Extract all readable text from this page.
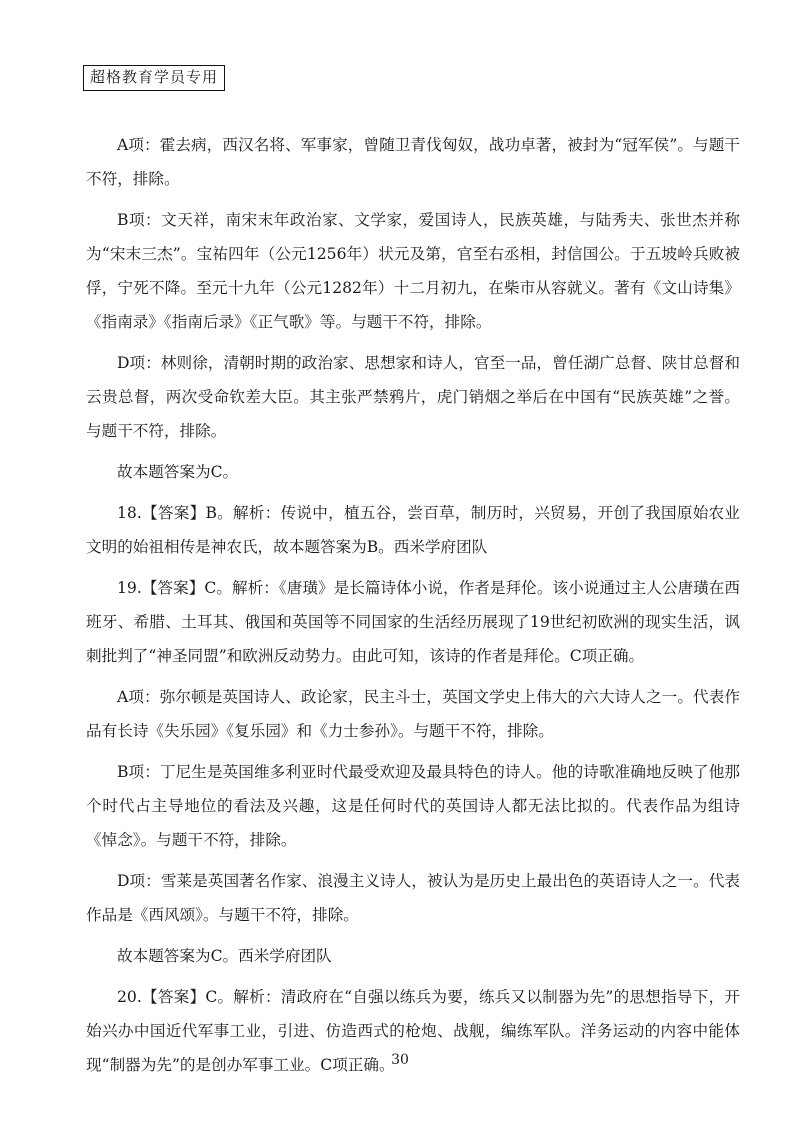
超格教育学员专用

A项：霍去病，西汉名将、军事家，曾随卫青伐匈奴，战功卓著，被封为“冠军侯”。与题干不符，排除。

B项：文天祥，南宋末年政治家、文学家，爱国诗人，民族英雄，与陆秀夫、张世杰并称为“宋末三杰”。宝祐四年（公元1256年）状元及第，官至右丞相，封信国公。于五坡岭兵败被俘，宁死不降。至元十九年（公元1282年）十二月初九，在柴市从容就义。著有《文山诗集》《指南录》《指南后录》《正气歌》等。与题干不符，排除。

D项：林则徐，清朝时期的政治家、思想家和诗人，官至一品，曾任湖广总督、陕甘总督和云贵总督，两次受命钦差大臣。其主张严禁鸦片，虎门销烟之举后在中国有“民族英雄”之誉。与题干不符，排除。

故本题答案为C。

18.【答案】B。解析：传说中，植五谷，尝百草，制历时，兴贸易，开创了我国原始农业文明的始祖相传是神农氏，故本题答案为B。西米学府团队

19.【答案】C。解析：《唐璜》是长篇诗体小说，作者是拜伦。该小说通过主人公唐璜在西班牙、希腊、土耳其、俄国和英国等不同国家的生活经历展现了19世纪初欧洲的现实生活，讽刺批判了“神圣同盟”和欧洲反动势力。由此可知，该诗的作者是拜伦。C项正确。

A项：弥尔顿是英国诗人、政论家，民主斗士，英国文学史上伟大的六大诗人之一。代表作品有长诗《失乐园》《复乐园》和《力士参孙》。与题干不符，排除。

B项：丁尼生是英国维多利亚时代最受欢迎及最具特色的诗人。他的诗歌准确地反映了他那个时代占主导地位的看法及兴趣，这是任何时代的英国诗人都无法比拟的。代表作品为组诗《悼念》。与题干不符，排除。

D项：雪莱是英国著名作家、浪漫主义诗人，被认为是历史上最出色的英语诗人之一。代表作品是《西风颂》。与题干不符，排除。

故本题答案为C。西米学府团队

20.【答案】C。解析：清政府在“自强以练兵为要，练兵又以制器为先”的思想指导下，开始兴办中国近代军事工业，引进、仿造西式的枪炮、战舰，编练军队。洋务运动的内容中能体现“制器为先”的是创办军事工业。C项正确。

30
